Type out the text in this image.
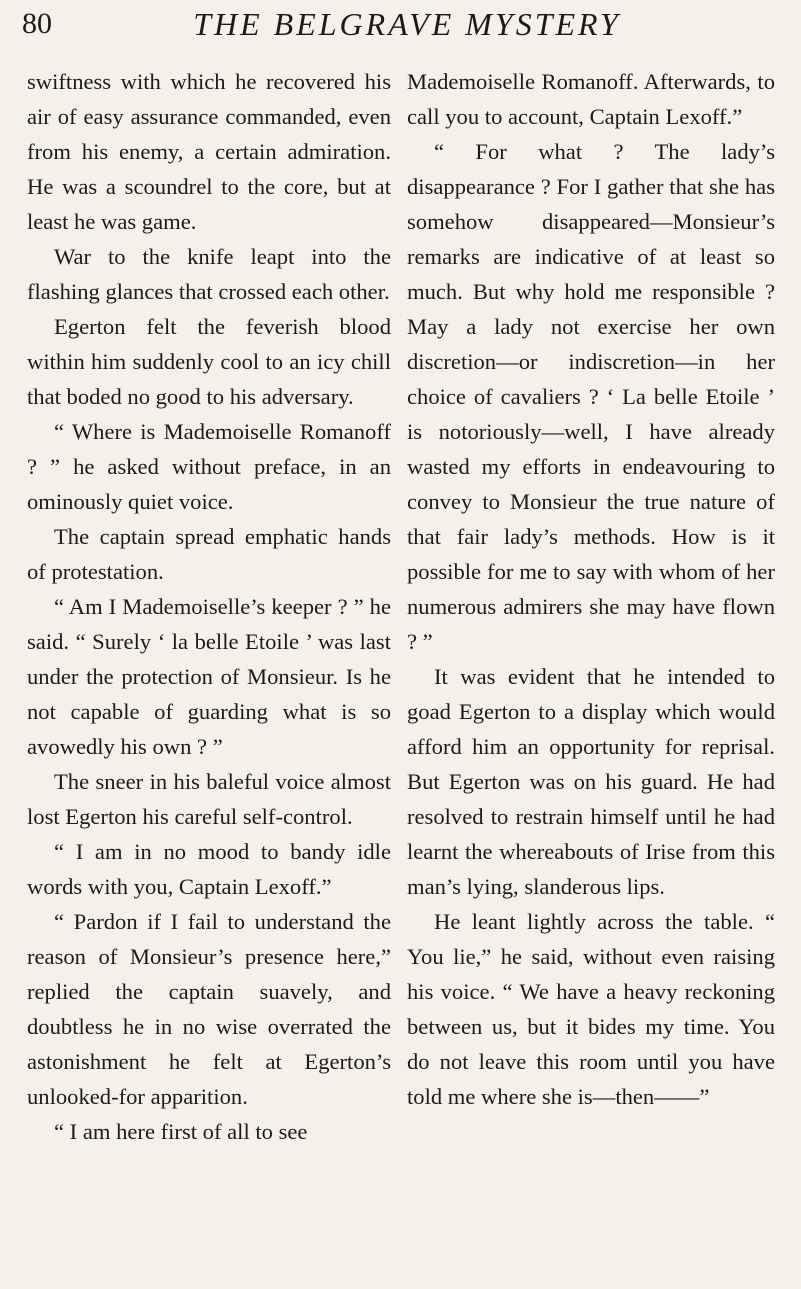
80	THE BELGRAVE MYSTERY

swiftness with which he recovered his air of easy assurance commanded, even from his enemy, a certain admiration. He was a scoundrel to the core, but at least he was game.

War to the knife leapt into the flashing glances that crossed each other.

Egerton felt the feverish blood within him suddenly cool to an icy chill that boded no good to his adversary.

“ Where is Mademoiselle Romanoff ? ” he asked without preface, in an ominously quiet voice.

The captain spread emphatic hands of protestation.

“ Am I Mademoiselle’s keeper ? ” he said. “ Surely ‘ la belle Etoile ’ was last under the protection of Monsieur. Is he not capable of guarding what is so avowedly his own ? ”

The sneer in his baleful voice almost lost Egerton his careful self-control.

“ I am in no mood to bandy idle words with you, Captain Lexoff.”

“ Pardon if I fail to understand the reason of Monsieur’s presence here,” replied the captain suavely, and doubtless he in no wise overrated the astonishment he felt at Egerton’s unlooked-for apparition.

“ I am here first of all to see

Mademoiselle Romanoff. Afterwards, to call you to account, Captain Lexoff.”

“ For what ? The lady’s disappearance ? For I gather that she has somehow disappeared—Monsieur’s remarks are indicative of at least so much. But why hold me responsible ? May a lady not exercise her own discretion—or indiscretion—in her choice of cavaliers ? ‘ La belle Etoile ’ is notoriously—well, I have already wasted my efforts in endeavouring to convey to Monsieur the true nature of that fair lady’s methods. How is it possible for me to say with whom of her numerous admirers she may have flown ? ”

It was evident that he intended to goad Egerton to a display which would afford him an opportunity for reprisal. But Egerton was on his guard. He had resolved to restrain himself until he had learnt the whereabouts of Irise from this man’s lying, slanderous lips.

He leant lightly across the table. “ You lie,” he said, without even raising his voice. “ We have a heavy reckoning between us, but it bides my time. You do not leave this room until you have told me where she is—then——”
